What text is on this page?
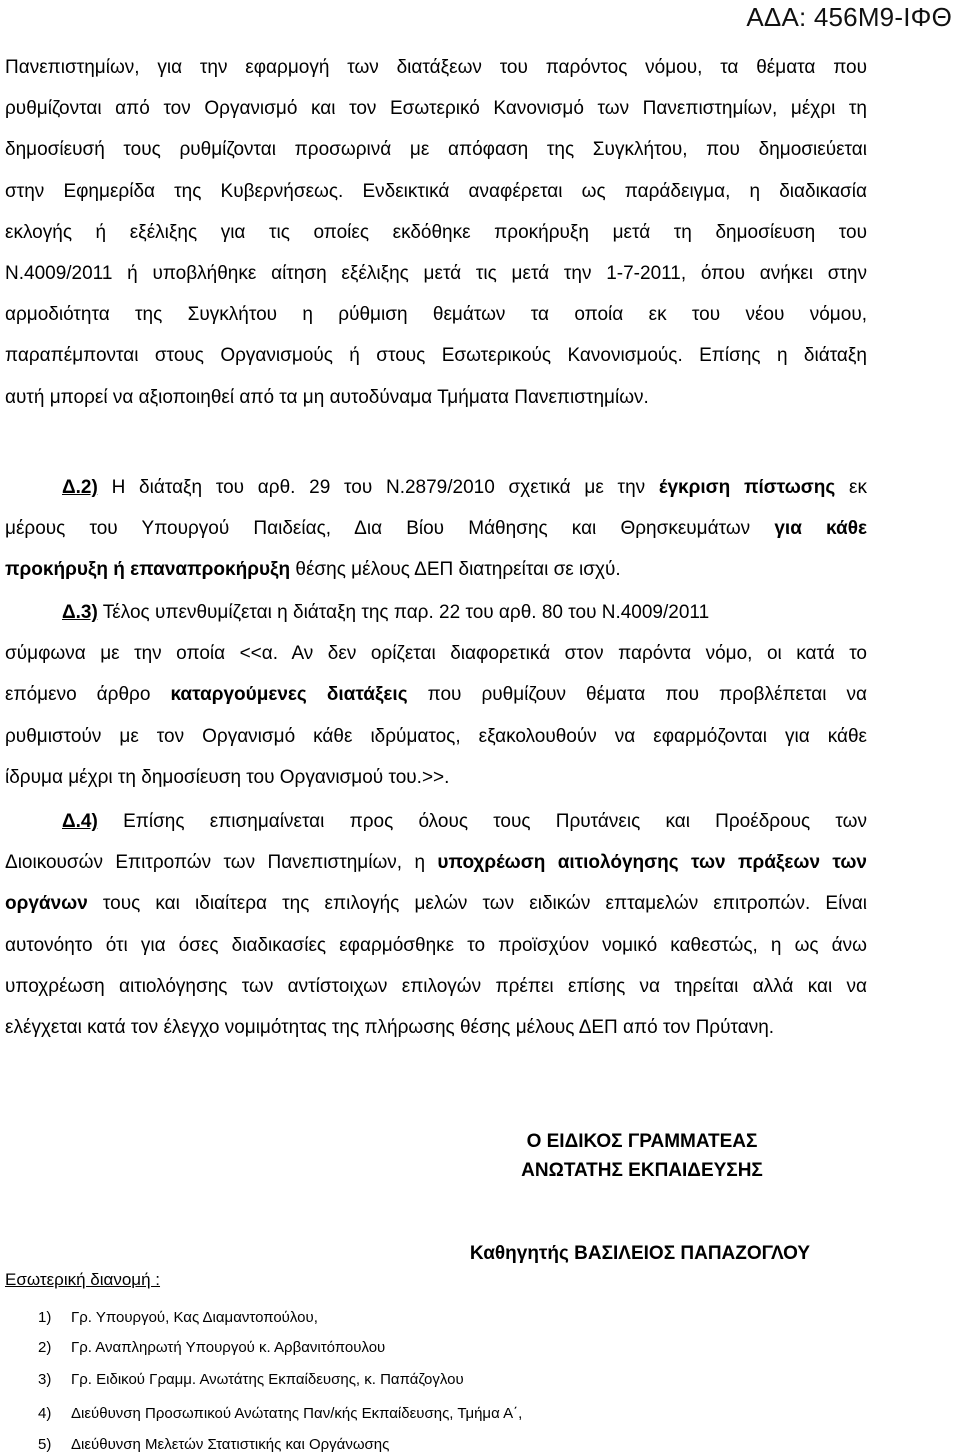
ΑΔΑ: 456Μ9-ΙΦΘ
Πανεπιστημίων, για την εφαρμογή των διατάξεων του παρόντος νόμου, τα θέματα που
ρυθμίζονται από τον Οργανισμό και τον Εσωτερικό Κανονισμό των Πανεπιστημίων, μέχρι τη
δημοσίευσή τους ρυθμίζονται προσωρινά με απόφαση της Συγκλήτου, που δημοσιεύεται
στην Εφημερίδα της Κυβερνήσεως. Ενδεικτικά αναφέρεται ως παράδειγμα, η διαδικασία
εκλογής ή εξέλιξης για τις οποίες εκδόθηκε προκήρυξη μετά τη δημοσίευση του
Ν.4009/2011 ή υποβλήθηκε αίτηση εξέλιξης μετά τις μετά την 1-7-2011, όπου ανήκει στην
αρμοδιότητα της Συγκλήτου η ρύθμιση θεμάτων τα οποία εκ του νέου νόμου,
παραπέμπονται στους Οργανισμούς ή στους Εσωτερικούς Κανονισμούς. Επίσης η διάταξη
αυτή μπορεί να αξιοποιηθεί από τα μη αυτοδύναμα Τμήματα Πανεπιστημίων.
Δ.2) Η διάταξη του αρθ. 29 του Ν.2879/2010 σχετικά με την έγκριση πίστωσης εκ
μέρους του Υπουργού Παιδείας, Δια Βίου Μάθησης και Θρησκευμάτων για κάθε
προκήρυξη ή επαναπροκήρυξη θέσης μέλους ΔΕΠ διατηρείται σε ισχύ.
Δ.3) Τέλος υπενθυμίζεται η διάταξη της παρ. 22 του αρθ. 80 του Ν.4009/2011
σύμφωνα με την οποία <<α. Αν δεν ορίζεται διαφορετικά στον παρόντα νόμο, οι κατά το
επόμενο άρθρο καταργούμενες διατάξεις που ρυθμίζουν θέματα που προβλέπεται να
ρυθμιστούν με τον Οργανισμό κάθε ιδρύματος, εξακολουθούν να εφαρμόζονται για κάθε
ίδρυμα μέχρι τη δημοσίευση του Οργανισμού του.>>.
Δ.4) Επίσης επισημαίνεται προς όλους τους Πρυτάνεις και Προέδρους των
Διοικουσών Επιτροπών των Πανεπιστημίων, η υποχρέωση αιτιολόγησης των πράξεων των
οργάνων τους και ιδιαίτερα της επιλογής μελών των ειδικών επταμελών επιτροπών. Είναι
αυτονόητο ότι για όσες διαδικασίες εφαρμόσθηκε το προϊσχύον νομικό καθεστώς, η ως άνω
υποχρέωση αιτιολόγησης των αντίστοιχων επιλογών πρέπει επίσης να τηρείται αλλά και να
ελέγχεται κατά τον έλεγχο νομιμότητας της πλήρωσης θέσης μέλους ΔΕΠ από τον Πρύτανη.
Ο ΕΙΔΙΚΟΣ ΓΡΑΜΜΑΤΕΑΣ
ΑΝΩΤΑΤΗΣ ΕΚΠΑΙΔΕΥΣΗΣ
Καθηγητής ΒΑΣΙΛΕΙΟΣ ΠΑΠΑΖΟΓΛΟΥ
Εσωτερική διανομή :
1) Γρ. Υπουργού, Κας Διαμαντοπούλου,
2) Γρ. Αναπληρωτή Υπουργού κ. Αρβανιτόπουλου
3) Γρ. Ειδικού Γραμμ. Ανωτάτης Εκπαίδευσης, κ. Παπάζογλου
4) Διεύθυνση Προσωπικού Ανώτατης Παν/κής Εκπαίδευσης, Τμήμα Α΄,
5) Διεύθυνση Μελετών Στατιστικής και Οργάνωσης
